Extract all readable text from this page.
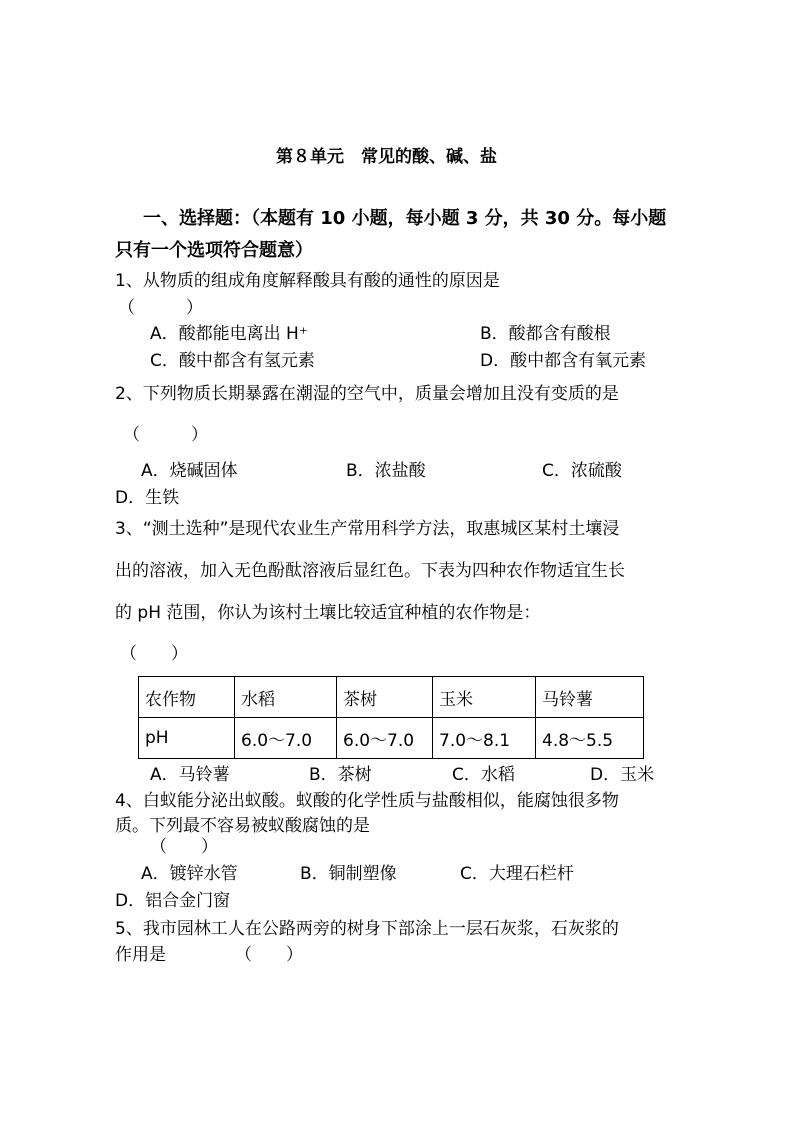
第８单元　常见的酸、碱、盐
一、选择题：（本题有 10 小题，每小题 3 分，共 30 分。每小题
只有一个选项符合题意）
1、从物质的组成角度解释酸具有酸的通性的原因是
（　　　）
A．酸都能电离出 H⁺	B．酸都含有酸根
C．酸中都含有氢元素	D．酸中都含有氧元素
2、下列物质长期暴露在潮湿的空气中，质量会增加且没有变质的是
（　　　）
A．烧碱固体	B．浓盐酸	C．浓硫酸
D．生铁
3、“测土选种”是现代农业生产常用科学方法，取惠城区某村土壤浸
出的溶液，加入无色酚酞溶液后显红色。下表为四种农作物适宜生长
的 pH 范围，你认为该村土壤比较适宜种植的农作物是：
（　　）
农作物	水稻	茶树	玉米	马铃薯
pH	6.0～7.0	6.0～7.0	7.0～8.1	4.8～5.5
A．马铃薯	B．茶树	C．水稻	D．玉米
4、白蚁能分泌出蚁酸。蚁酸的化学性质与盐酸相似，能腐蚀很多物
质。下列最不容易被蚁酸腐蚀的是
（　　）
A．镀锌水管	B．铜制塑像	C．大理石栏杆
D．铝合金门窗
5、我市园林工人在公路两旁的树身下部涂上一层石灰浆，石灰浆的
作用是	（　　）
